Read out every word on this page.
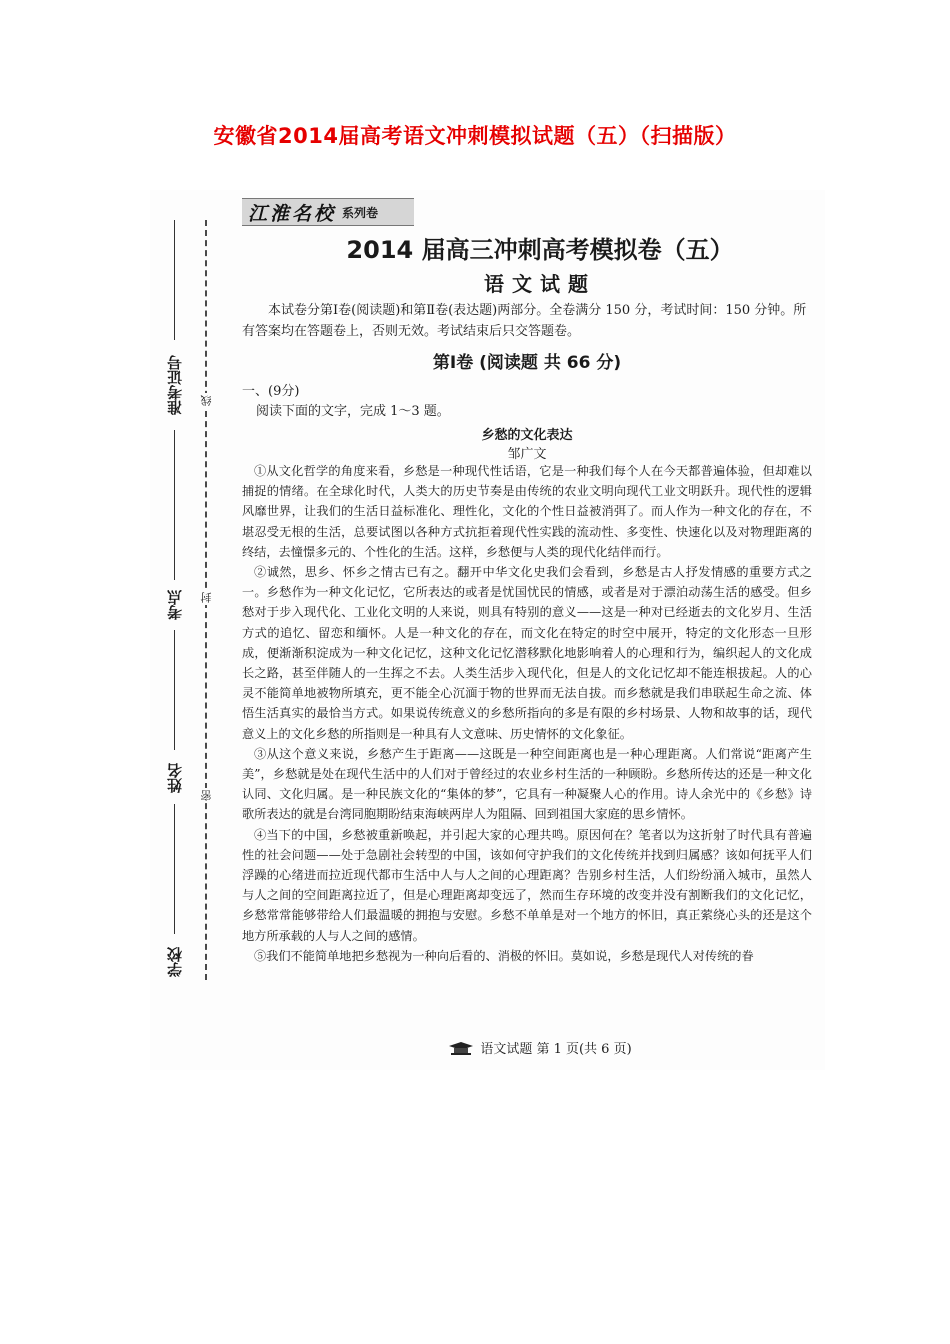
安徽省2014届高考语文冲刺模拟试题（五）（扫描版）
准考证号
考点
姓名
学校
线
封
密
江淮名校 系列卷
2014 届高三冲刺高考模拟卷（五）
语文试题
本试卷分第Ⅰ卷(阅读题)和第Ⅱ卷(表达题)两部分。全卷满分 150 分，考试时间：150 分钟。所有答案均在答题卷上，否则无效。考试结束后只交答题卷。
第Ⅰ卷 (阅读题 共 66 分)
一、(9分)
阅读下面的文字，完成 1～3 题。
乡愁的文化表达
邹广文

①从文化哲学的角度来看，乡愁是一种现代性话语，它是一种我们每个人在今天都普遍体验，但却难以捕捉的情绪。在全球化时代，人类大的历史节奏是由传统的农业文明向现代工业文明跃升。现代性的逻辑风靡世界，让我们的生活日益标准化、理性化，文化的个性日益被消弭了。而人作为一种文化的存在，不堪忍受无根的生活，总要试图以各种方式抗拒着现代性实践的流动性、多变性、快速化以及对物理距离的终结，去憧憬多元的、个性化的生活。这样，乡愁便与人类的现代化结伴而行。

②诚然，思乡、怀乡之情古已有之。翻开中华文化史我们会看到，乡愁是古人抒发情感的重要方式之一。乡愁作为一种文化记忆，它所表达的或者是忧国忧民的情感，或者是对于漂泊动荡生活的感受。但乡愁对于步入现代化、工业化文明的人来说，则具有特别的意义——这是一种对已经逝去的文化岁月、生活方式的追忆、留恋和缅怀。人是一种文化的存在，而文化在特定的时空中展开，特定的文化形态一旦形成，便渐渐积淀成为一种文化记忆，这种文化记忆潜移默化地影响着人的心理和行为，编织起人的文化成长之路，甚至伴随人的一生挥之不去。人类生活步入现代化，但是人的文化记忆却不能连根拔起。人的心灵不能简单地被物所填充，更不能全心沉湎于物的世界而无法自拔。而乡愁就是我们串联起生命之流、体悟生活真实的最恰当方式。如果说传统意义的乡愁所指向的多是有限的乡村场景、人物和故事的话，现代意义上的文化乡愁的所指则是一种具有人文意味、历史情怀的文化象征。

③从这个意义来说，乡愁产生于距离——这既是一种空间距离也是一种心理距离。人们常说“距离产生美”，乡愁就是处在现代生活中的人们对于曾经过的农业乡村生活的一种顾盼。乡愁所传达的还是一种文化认同、文化归属。是一种民族文化的“集体的梦”，它具有一种凝聚人心的作用。诗人余光中的《乡愁》诗歌所表达的就是台湾同胞期盼结束海峡两岸人为阻隔、回到祖国大家庭的思乡情怀。

④当下的中国，乡愁被重新唤起，并引起大家的心理共鸣。原因何在？笔者以为这折射了时代具有普遍性的社会问题——处于急剧社会转型的中国，该如何守护我们的文化传统并找到归属感？该如何抚平人们浮躁的心绪进而拉近现代都市生活中人与人之间的心理距离？告别乡村生活，人们纷纷涌入城市，虽然人与人之间的空间距离拉近了，但是心理距离却变远了，然而生存环境的改变并没有割断我们的文化记忆，乡愁常常能够带给人们最温暖的拥抱与安慰。乡愁不单单是对一个地方的怀旧，真正萦绕心头的还是这个地方所承载的人与人之间的感情。

⑤我们不能简单地把乡愁视为一种向后看的、消极的怀旧。莫如说，乡愁是现代人对传统的眷

语文试题 第 1 页(共 6 页)
